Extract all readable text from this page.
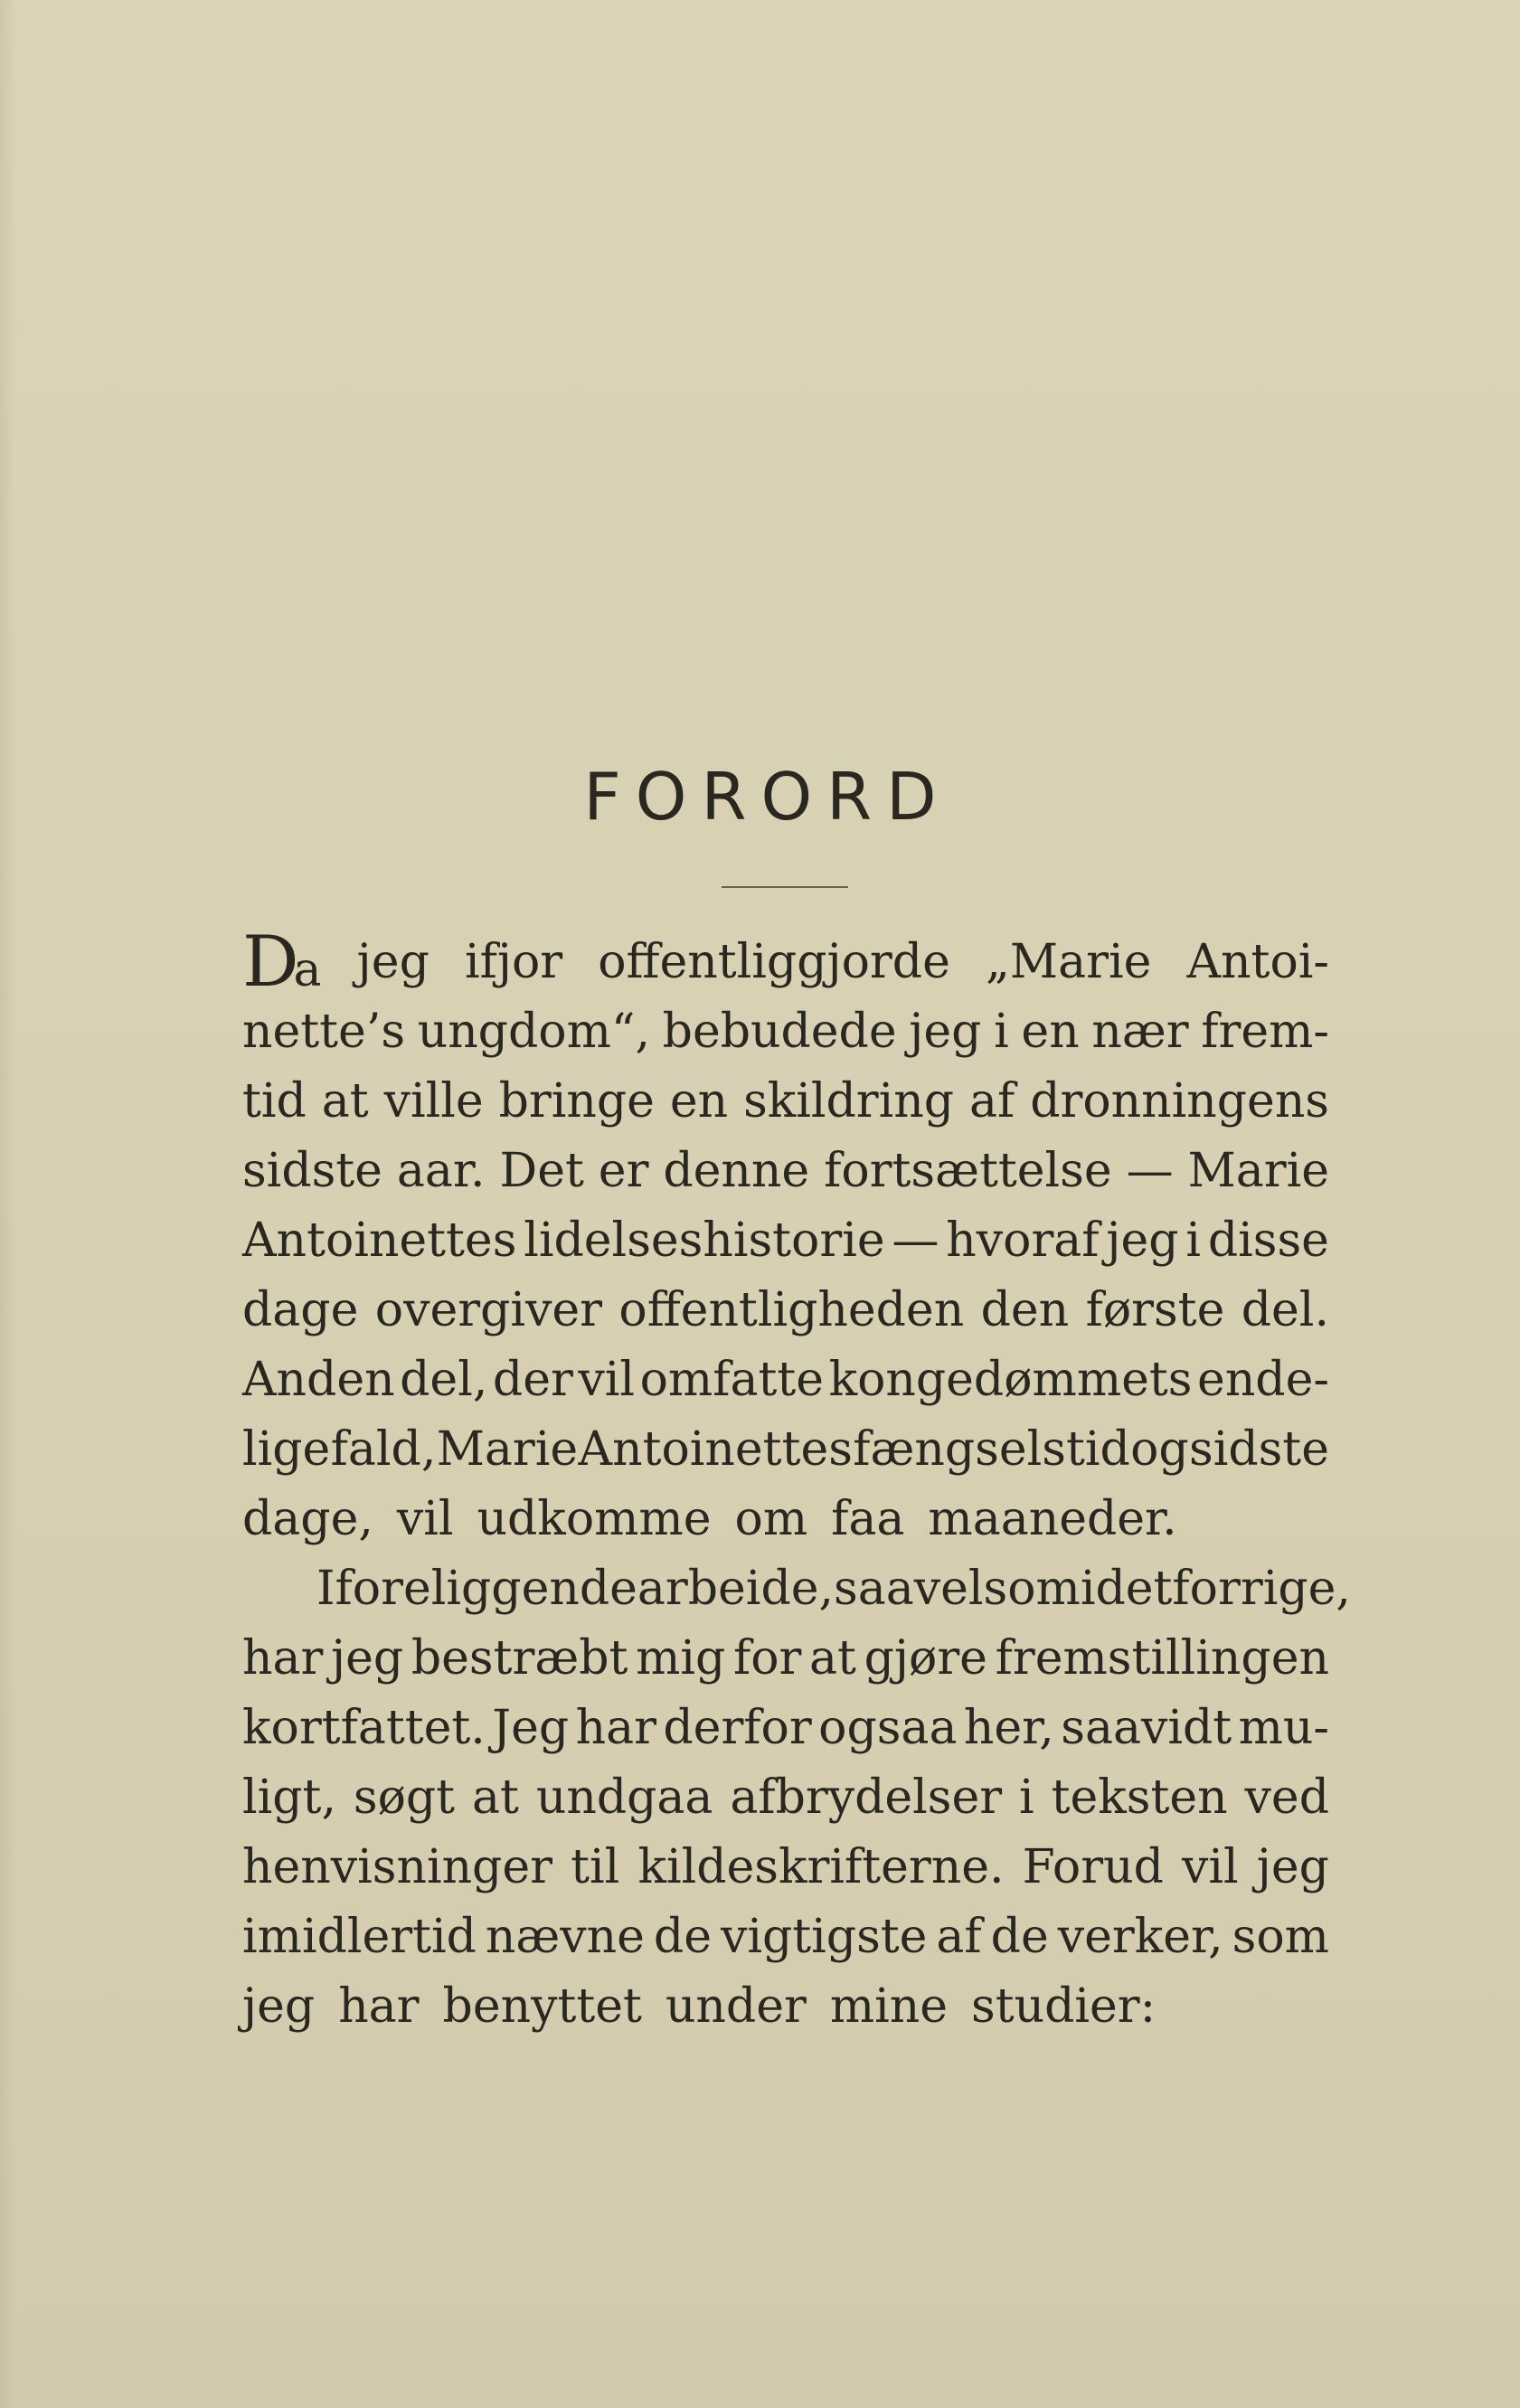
FORORD
Da jeg ifjor offentliggjorde „Marie Antoi-
nette’s ungdom“, bebudede jeg i en nær frem-
tid at ville bringe en skildring af dronningens
sidste aar. Det er denne fortsættelse — Marie
Antoinettes lidelseshistorie — hvoraf jeg i disse
dage overgiver offentligheden den første del.
Anden del, der vil omfatte kongedømmets ende-
lige fald, Marie Antoinettes fængselstid og sidste
dage, vil udkomme om faa maaneder.
I foreliggende arbeide, saavelsom i det forrige,
har jeg bestræbt mig for at gjøre fremstillingen
kortfattet. Jeg har derfor ogsaa her, saavidt mu-
ligt, søgt at undgaa afbrydelser i teksten ved
henvisninger til kildeskrifterne. Forud vil jeg
imidlertid nævne de vigtigste af de verker, som
jeg har benyttet under mine studier:
